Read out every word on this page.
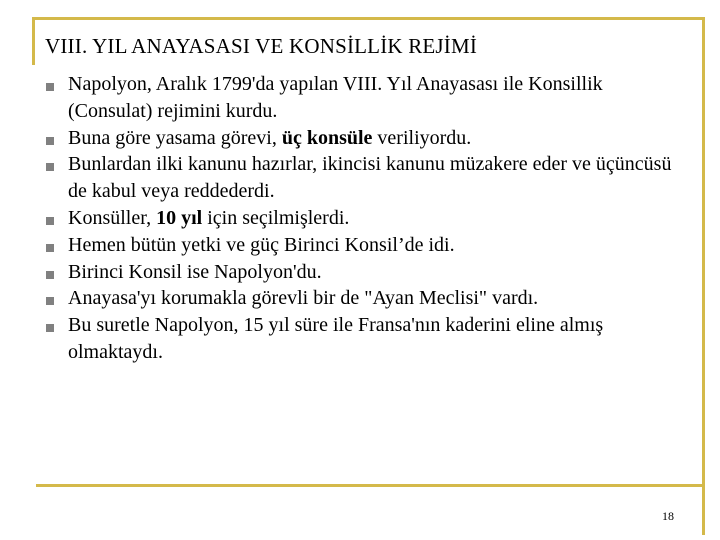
VIII. YIL ANAYASASI VE KONSİLLİK REJİMİ
Napolyon, Aralık 1799'da yapılan VIII. Yıl Anayasası ile Konsillik (Consulat) rejimini kurdu.
Buna göre yasama görevi, üç konsüle veriliyordu.
Bunlardan ilki kanunu hazırlar, ikincisi kanunu müzakere eder ve üçüncüsü de kabul veya reddederdi.
Konsüller, 10 yıl için seçilmişlerdi.
Hemen bütün yetki ve güç Birinci Konsil’de idi.
Birinci Konsil ise Napolyon'du.
Anayasa'yı korumakla görevli bir de "Ayan Meclisi" vardı.
Bu suretle Napolyon, 15 yıl süre ile Fransa'nın kaderini eline almış olmaktaydı.
18
